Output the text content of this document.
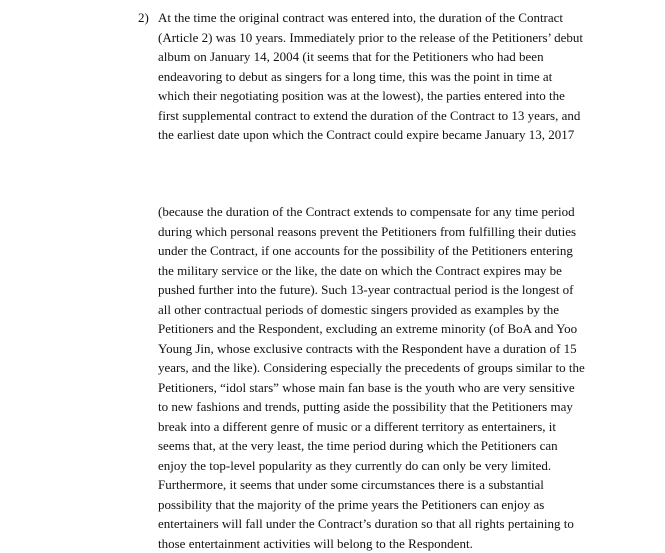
2) At the time the original contract was entered into, the duration of the Contract
(Article 2) was 10 years. Immediately prior to the release of the Petitioners’ debut
album on January 14, 2004 (it seems that for the Petitioners who had been
endeavoring to debut as singers for a long time, this was the point in time at
which their negotiating position was at the lowest), the parties entered into the
first supplemental contract to extend the duration of the Contract to 13 years, and
the earliest date upon which the Contract could expire became January 13, 2017
(because the duration of the Contract extends to compensate for any time period
during which personal reasons prevent the Petitioners from fulfilling their duties
under the Contract, if one accounts for the possibility of the Petitioners entering
the military service or the like, the date on which the Contract expires may be
pushed further into the future). Such 13-year contractual period is the longest of
all other contractual periods of domestic singers provided as examples by the
Petitioners and the Respondent, excluding an extreme minority (of BoA and Yoo
Young Jin, whose exclusive contracts with the Respondent have a duration of 15
years, and the like). Considering especially the precedents of groups similar to the
Petitioners, “idol stars” whose main fan base is the youth who are very sensitive
to new fashions and trends, putting aside the possibility that the Petitioners may
break into a different genre of music or a different territory as entertainers, it
seems that, at the very least, the time period during which the Petitioners can
enjoy the top-level popularity as they currently do can only be very limited.
Furthermore, it seems that under some circumstances there is a substantial
possibility that the majority of the prime years the Petitioners can enjoy as
entertainers will fall under the Contract’s duration so that all rights pertaining to
those entertainment activities will belong to the Respondent.
